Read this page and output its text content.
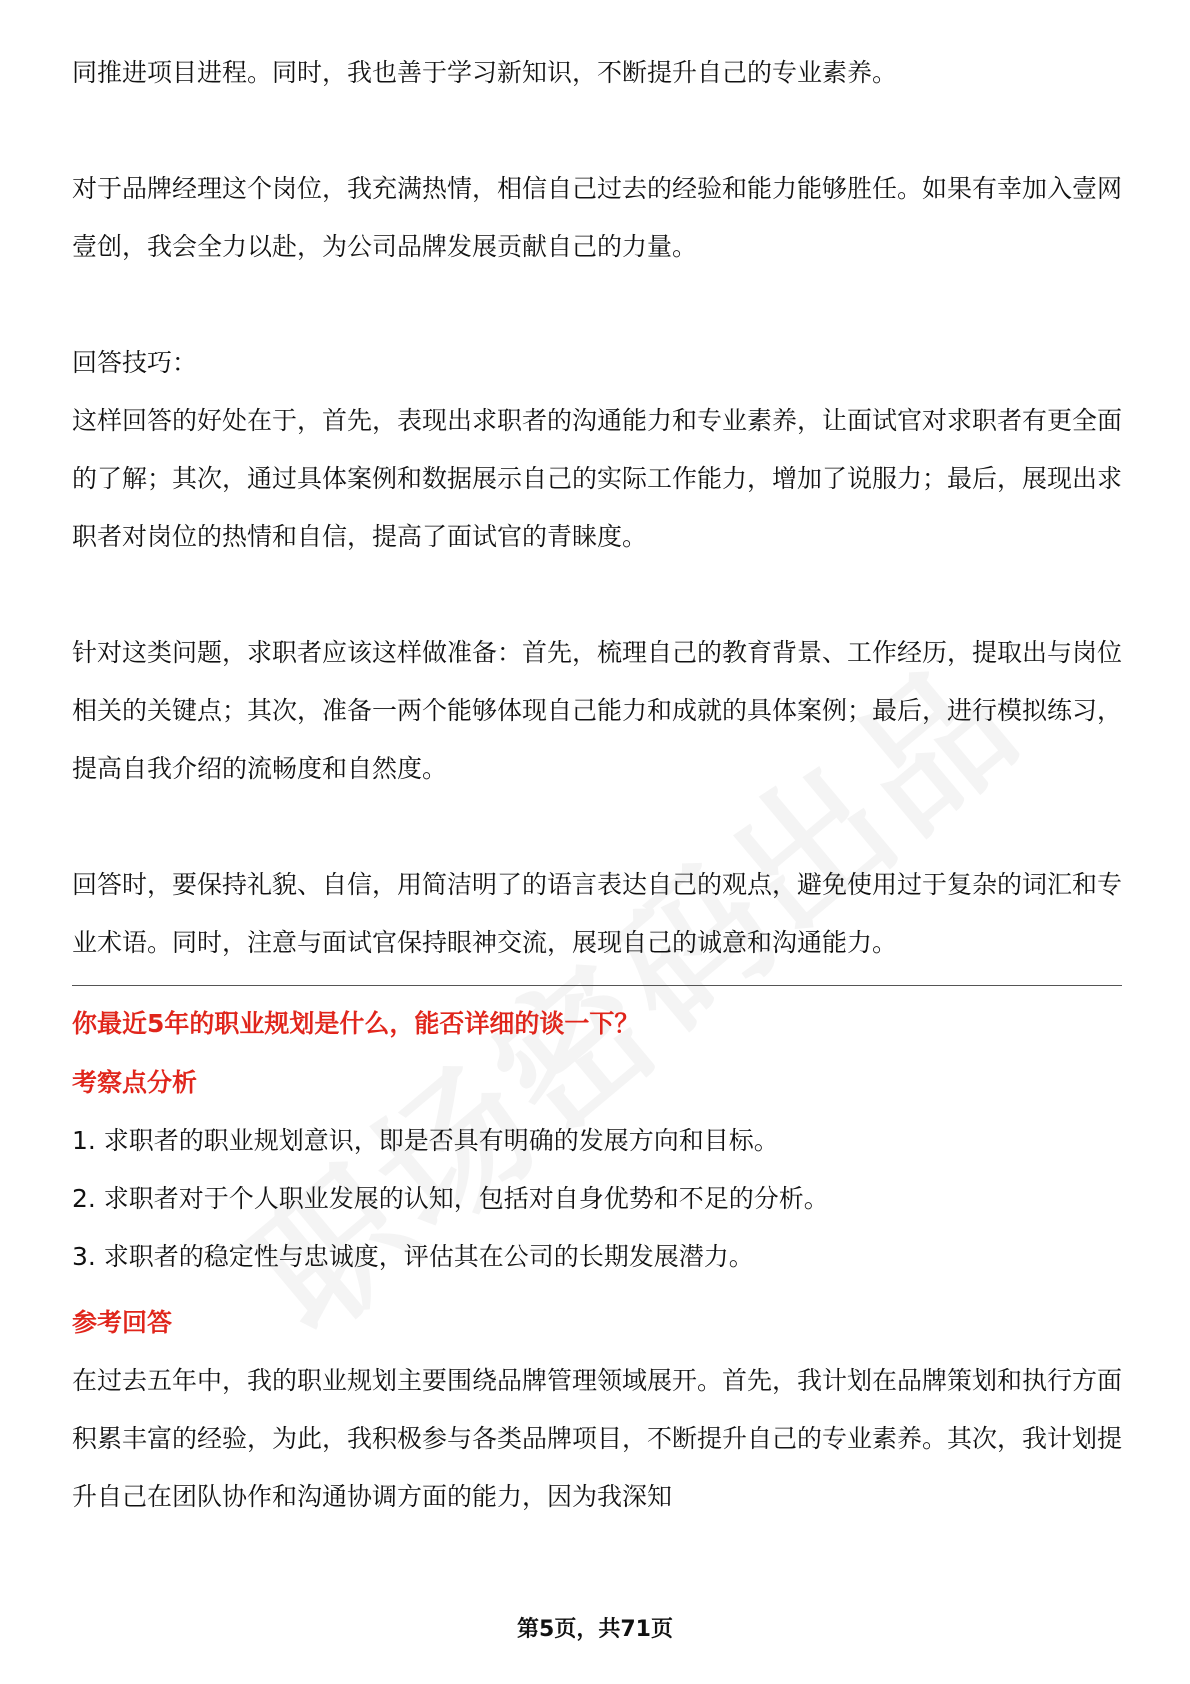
同推进项目进程。同时，我也善于学习新知识，不断提升自己的专业素养。

对于品牌经理这个岗位，我充满热情，相信自己过去的经验和能力能够胜任。如果有幸加入壹网壹创，我会全力以赴，为公司品牌发展贡献自己的力量。

回答技巧：

这样回答的好处在于，首先，表现出求职者的沟通能力和专业素养，让面试官对求职者有更全面的了解；其次，通过具体案例和数据展示自己的实际工作能力，增加了说服力；最后，展现出求职者对岗位的热情和自信，提高了面试官的青睐度。

针对这类问题，求职者应该这样做准备：首先，梳理自己的教育背景、工作经历，提取出与岗位相关的关键点；其次，准备一两个能够体现自己能力和成就的具体案例；最后，进行模拟练习，提高自我介绍的流畅度和自然度。

回答时，要保持礼貌、自信，用简洁明了的语言表达自己的观点，避免使用过于复杂的词汇和专业术语。同时，注意与面试官保持眼神交流，展现自己的诚意和沟通能力。

你最近5年的职业规划是什么，能否详细的谈一下？

考察点分析

1. 求职者的职业规划意识，即是否具有明确的发展方向和目标。

2. 求职者对于个人职业发展的认知，包括对自身优势和不足的分析。

3. 求职者的稳定性与忠诚度，评估其在公司的长期发展潜力。

参考回答

在过去五年中，我的职业规划主要围绕品牌管理领域展开。首先，我计划在品牌策划和执行方面积累丰富的经验，为此，我积极参与各类品牌项目，不断提升自己的专业素养。其次，我计划提升自己在团队协作和沟通协调方面的能力，因为我深知

第5页，共71页
